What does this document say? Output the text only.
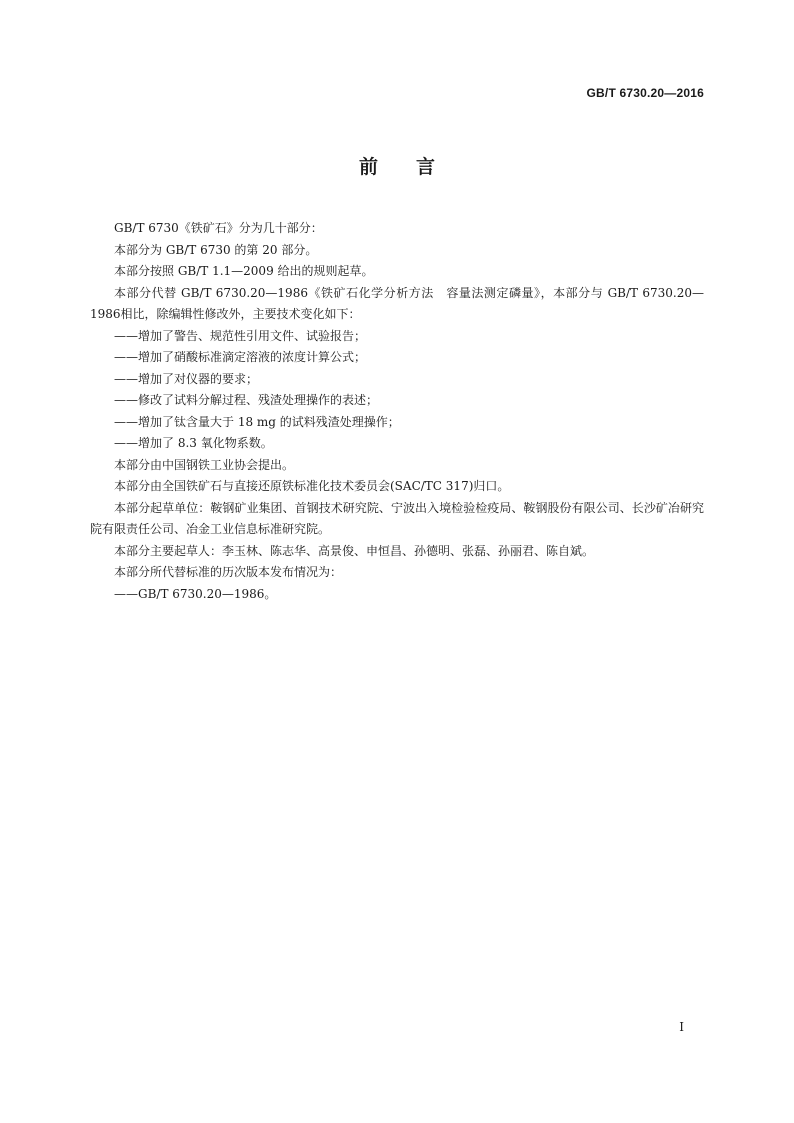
GB/T 6730.20—2016
前言

GB/T 6730《铁矿石》分为几十部分：

本部分为 GB/T 6730 的第 20 部分。

本部分按照 GB/T 1.1—2009 给出的规则起草。

本部分代替 GB/T 6730.20—1986《铁矿石化学分析方法　容量法测定磷量》，本部分与 GB/T 6730.20—1986相比，除编辑性修改外，主要技术变化如下：

——增加了警告、规范性引用文件、试验报告；

——增加了硝酸标准滴定溶液的浓度计算公式；

——增加了对仪器的要求；

——修改了试料分解过程、残渣处理操作的表述；

——增加了钛含量大于 18 mg 的试料残渣处理操作；

——增加了 8.3 氧化物系数。

本部分由中国钢铁工业协会提出。

本部分由全国铁矿石与直接还原铁标准化技术委员会(SAC/TC 317)归口。

本部分起草单位：鞍钢矿业集团、首钢技术研究院、宁波出入境检验检疫局、鞍钢股份有限公司、长沙矿冶研究院有限责任公司、冶金工业信息标准研究院。

本部分主要起草人：李玉林、陈志华、高景俊、申恒昌、孙德明、张磊、孙丽君、陈自斌。

本部分所代替标准的历次版本发布情况为：

——GB/T 6730.20—1986。

I
